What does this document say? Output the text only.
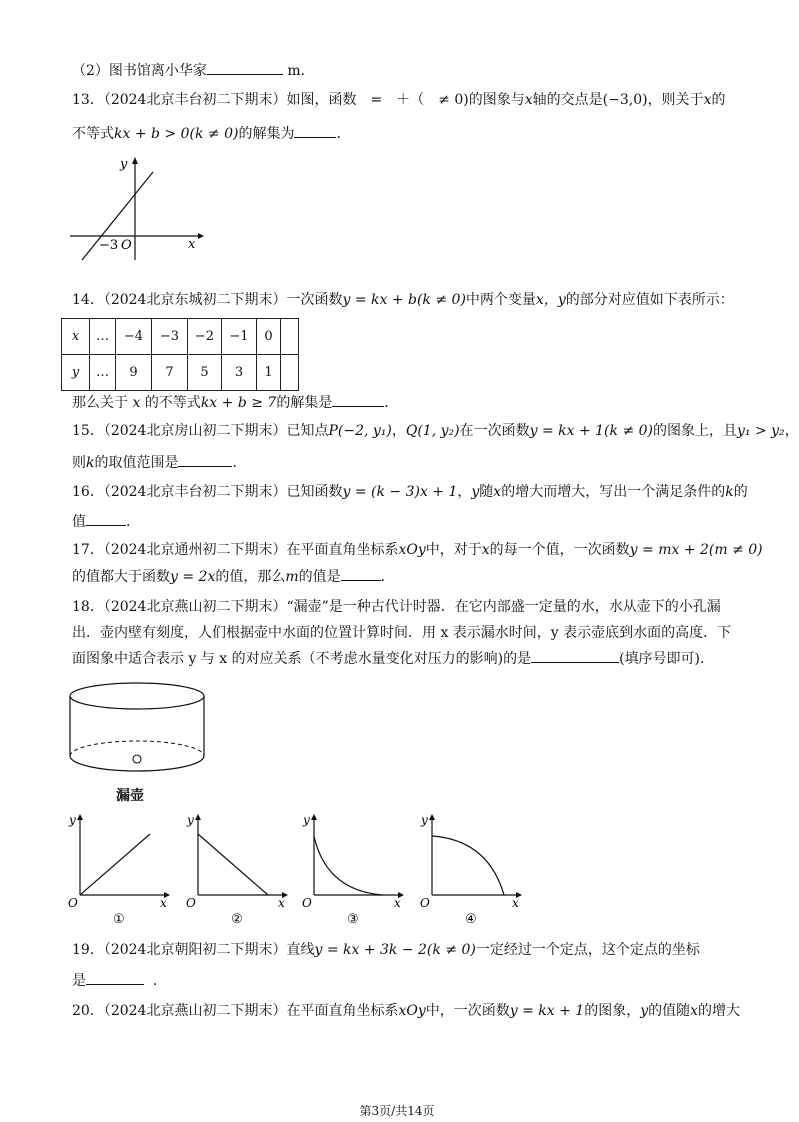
（2）图书馆离小华家	m．
13．（2024北京丰台初二下期末）如图，函数　=　＋（　≠ 0)的图象与x轴的交点是(−3,0)，则关于x的
不等式kx + b > 0(k ≠ 0)的解集为	．
y
x
−3 O
14．（2024北京东城初二下期末）一次函数y = kx + b(k ≠ 0)中两个变量x，y的部分对应值如下表所示：
x	…	−4	−3	−2	−1	0	
y	…	9	7	5	3	1	
那么关于 x 的不等式kx + b ≥ 7的解集是	．
15．（2024北京房山初二下期末）已知点P(−2, y₁)，Q(1, y₂)在一次函数y = kx + 1(k ≠ 0)的图象上，且y₁ > y₂，
则k的取值范围是	．
16．（2024北京丰台初二下期末）已知函数y = (k − 3)x + 1，y随x的增大而增大，写出一个满足条件的k的
值	．
17．（2024北京通州初二下期末）在平面直角坐标系xOy中，对于x的每一个值，一次函数y = mx + 2(m ≠ 0)
的值都大于函数y = 2x的值，那么m的值是	．
18．（2024北京燕山初二下期末）“漏壶”是一种古代计时器．在它内部盛一定量的水，水从壶下的小孔漏
出．壶内壁有刻度，人们根据壶中水面的位置计算时间．用 x 表示漏水时间，y 表示壶底到水面的高度．下
面图象中适合表示 y 与 x 的对应关系（不考虑水量变化对压力的影响)的是	(填序号即可)．
漏壶
y
x
O
①
y
x
O
②
y
x
O
③
y
x
O
④
19．（2024北京朝阳初二下期末）直线y = kx + 3k − 2(k ≠ 0)一定经过一个定点，这个定点的坐标
是	．
20．（2024北京燕山初二下期末）在平面直角坐标系xOy中，一次函数y = kx + 1的图象，y的值随x的增大
第3页/共14页
